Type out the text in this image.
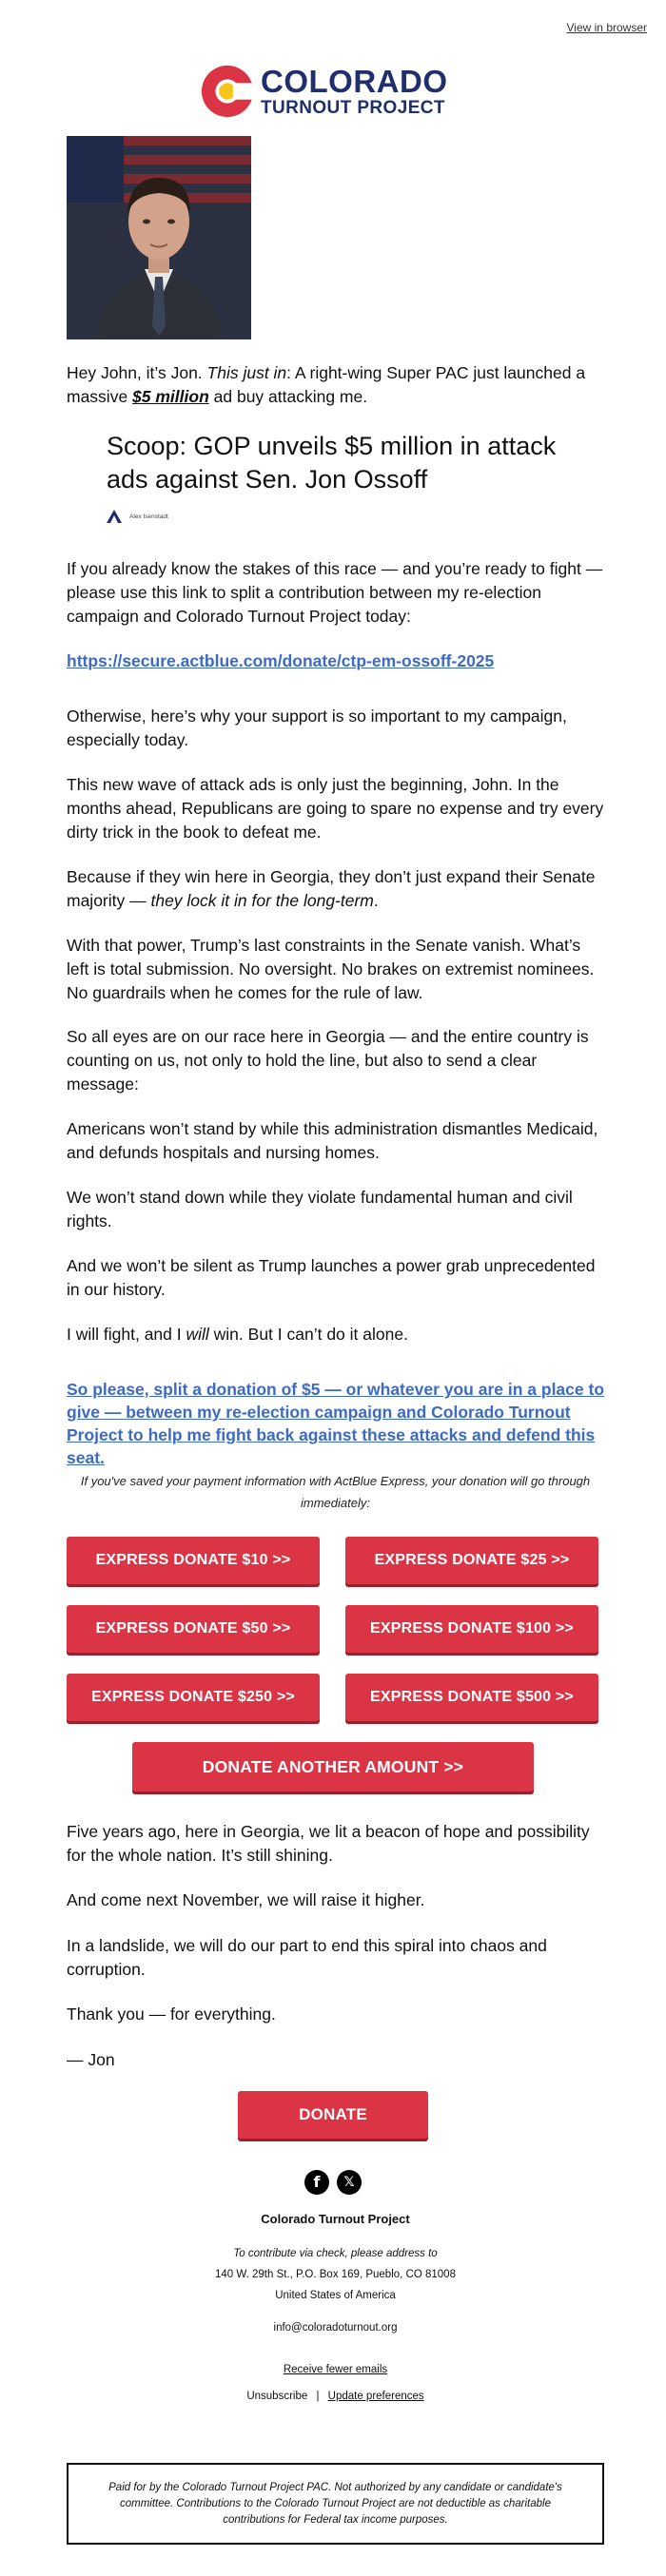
View in browser
COLORADO
TURNOUT PROJECT

Hey John, it’s Jon. This just in: A right-wing Super PAC just launched a massive $5 million ad buy attacking me.

Scoop: GOP unveils $5 million in attack ads against Sen. Jon Ossoff
Alex Isenstadt

If you already know the stakes of this race — and you’re ready to fight — please use this link to split a contribution between my re-election campaign and Colorado Turnout Project today:

https://secure.actblue.com/donate/ctp-em-ossoff-2025

Otherwise, here’s why your support is so important to my campaign, especially today.

This new wave of attack ads is only just the beginning, John. In the months ahead, Republicans are going to spare no expense and try every dirty trick in the book to defeat me.

Because if they win here in Georgia, they don’t just expand their Senate majority — they lock it in for the long-term.

With that power, Trump’s last constraints in the Senate vanish. What’s left is total submission. No oversight. No brakes on extremist nominees. No guardrails when he comes for the rule of law.

So all eyes are on our race here in Georgia — and the entire country is counting on us, not only to hold the line, but also to send a clear message:

Americans won’t stand by while this administration dismantles Medicaid, and defunds hospitals and nursing homes.

We won’t stand down while they violate fundamental human and civil rights.

And we won’t be silent as Trump launches a power grab unprecedented in our history.

I will fight, and I will win. But I can’t do it alone.

So please, split a donation of $5 — or whatever you are in a place to give — between my re-election campaign and Colorado Turnout Project to help me fight back against these attacks and defend this seat.

If you've saved your payment information with ActBlue Express, your donation will go through immediately:
EXPRESS DONATE $10 >>	EXPRESS DONATE $25 >>
EXPRESS DONATE $50 >>	EXPRESS DONATE $100 >>
EXPRESS DONATE $250 >>	EXPRESS DONATE $500 >>
DONATE ANOTHER AMOUNT >>

Five years ago, here in Georgia, we lit a beacon of hope and possibility for the whole nation. It’s still shining.

And come next November, we will raise it higher.

In a landslide, we will do our part to end this spiral into chaos and corruption.

Thank you — for everything.

— Jon

DONATE
f 𝕏
Colorado Turnout Project
To contribute via check, please address to
140 W. 29th St., P.O. Box 169, Pueblo, CO 81008
United States of America
info@coloradoturnout.org
Receive fewer emails
Unsubscribe | Update preferences
Paid for by the Colorado Turnout Project PAC. Not authorized by any candidate or candidate's committee. Contributions to the Colorado Turnout Project are not deductible as charitable contributions for Federal tax income purposes.
